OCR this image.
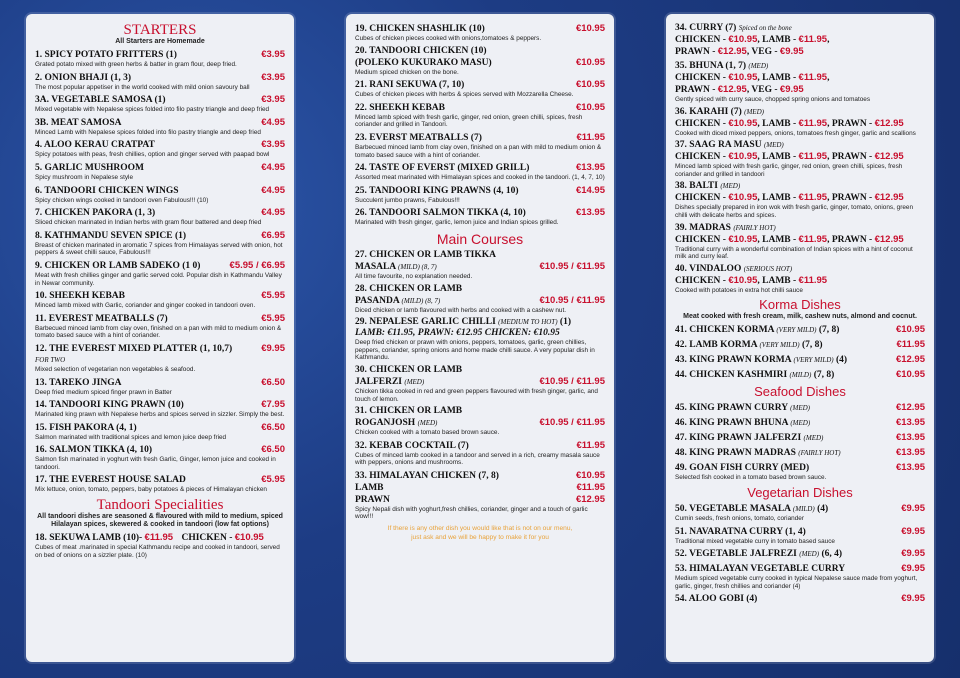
STARTERS
All Starters are Homemade
1. SPICY POTATO FRITTERS (1)	€3.95
Grated potato mixed with green herbs & batter in gram flour, deep fried.
2. ONION BHAJI (1, 3)	€3.95
The most popular appetiser in the world cooked with mild onion savoury ball
3A. VEGETABLE SAMOSA (1)	€3.95
Mixed vegetable with Nepalese spices folded into filo pastry triangle and deep fried
3B. MEAT SAMOSA	€4.95
Minced Lamb with Nepalese spices folded into filo pastry triangle and deep fried
4. ALOO KERAU CRATPAT	€3.95
Spicy potatoes with peas, fresh chillies, option and ginger served with paapad bowl
5. GARLIC MUSHROOM	€4.95
Spicy mushroom in Nepalese style
6. TANDOORI CHICKEN WINGS	€4.95
Spicy chicken wings cooked in tandoori oven Fabulous!!! (10)
7. CHICKEN PAKORA (1, 3)	€4.95
Sliced chicken marinated in Indian herbs with gram flour battered and deep fried
8. KATHMANDU SEVEN SPICE (1)	€6.95
Breast of chicken marinated in aromatic 7 spices from Himalayas served with onion, hot peppers & sweet chilli sauce, Fabulous!!!
9. CHICKEN OR LAMB SADEKO (1 0)	€5.95 / €6.95
Meat with fresh chillies ginger and garlic served cold. Popular dish in Kathmandu Valley in Newar community.
10. SHEEKH KEBAB	€5.95
Minced lamb mixed with Garlic, coriander and ginger cooked in tandoori oven.
11. EVEREST MEATBALLS (7)	€5.95
Barbecued minced lamb from clay oven, finished on a pan with mild to medium onion & tomato based sauce with a hint of coriander.
12. THE EVEREST MIXED PLATTER (1, 10,7)	€9.95
FOR TWO
Mixed selection of vegetarian non vegetables & seafood.
13. TAREKO JINGA	€6.50
Deep fried medium spiced finger prawn in Batter
14. TANDOORI KING PRAWN (10)	€7.95
Marinated king prawn with Nepalese herbs and spices served in sizzler. Simply the best.
15. FISH PAKORA (4, 1)	€6.50
Salmon marinated with traditional spices and lemon juice deep fried
16. SALMON TIKKA (4, 10)	€6.50
Salmon fish marinated in yoghurt with fresh Garlic, Ginger, lemon juice and cooked in tandoori.
17. THE EVEREST HOUSE SALAD	€5.95
Mix lettuce, onion, tomato, peppers, baby potatoes & pieces of Himalayan chicken
Tandoori Specialities
All tandoori dishes are seasoned & flavoured with mild to medium, spiced Hilalayan spices, skewered & cooked in tandoori (low fat options)
18. SEKUWA LAMB (10)- €11.95 CHICKEN - €10.95
Cubes of meat .marinated in special Kathmandu recipe and cooked in tandoori, served on bed of onions on a sizzler plate. (10)
19. CHICKEN SHASHLIK (10)	€10.95
Cubes of chicken pieces cooked with onions,tomatoes & peppers.
20. TANDOORI CHICKEN (10)
(POLEKO KUKURAKO MASU)	€10.95
Medium spiced chicken on the bone.
21. RANI SEKUWA (7, 10)	€10.95
Cubes of chicken pieces with herbs & spices served with Mozzarella Cheese.
22. SHEEKH KEBAB	€10.95
Minced lamb spiced with fresh garlic, ginger, red onion, green chilli, spices, fresh coriander and grilled in Tandoori.
23. EVERST MEATBALLS (7)	€11.95
Barbecued minced lamb from clay oven, finished on a pan with mild to medium onion & tomato based sauce with a hint of coriander.
24. TASTE OF EVERST (MIXED GRILL)	€13.95
Assorted meat marinated with Himalayan spices and cooked in the tandoori. (1, 4, 7, 10)
25. TANDOORI KING PRAWNS (4, 10)	€14.95
Succulent jumbo prawns, Fabulous!!!
26. TANDOORI SALMON TIKKA (4, 10)	€13.95
Marinated with fresh ginger, garlic, lemon juice and Indian spices grilled.
Main Courses
27. CHICKEN OR LAMB TIKKA
MASALA (MILD) (8, 7)	€10.95 / €11.95
All time favourite, no explanation needed.
28. CHICKEN OR LAMB
PASANDA (MILD) (8, 7)	€10.95 / €11.95
Diced chicken or lamb flavoured with herbs and cooked with a cashew nut.
29. NEPALESE GARLIC CHILLI (MEDIUM TO HOT) (1)
LAMB: €11.95, PRAWN: €12.95 CHICKEN: €10.95
Deep fried chicken or prawn with onions, peppers, tomatoes, garlic, green chillies, peppers, coriander, spring onions and home made chilli sauce. A very popular dish in Kathmandu.
30. CHICKEN OR LAMB
JALFERZI (MED)	€10.95 / €11.95
Chicken tikka cooked in red and green peppers flavoured with fresh ginger, garlic, and touch of lemon.
31. CHICKEN OR LAMB
ROGANJOSH (MED)	€10.95 / €11.95
Chicken cooked with a tomato based brown sauce.
32. KEBAB COCKTAIL (7)	€11.95
Cubes of minced lamb cooked in a tandoor and served in a rich, creamy masala sauce with peppers, onions and mushrooms.
33. HIMALAYAN CHICKEN (7, 8)	€10.95
LAMB	€11.95
PRAWN	€12.95
Spicy Nepali dish with yoghurt,fresh chillies, coriander, ginger and a touch of garlic wow!!!
If there is any other dish you would like that is not on our menu,
just ask and we will be happy to make it for you
34. CURRY (7) Spiced on the bone
CHICKEN - €10.95, LAMB - €11.95,
PRAWN - €12.95, VEG - €9.95
35. BHUNA (1, 7) (MED)
CHICKEN - €10.95, LAMB - €11.95,
PRAWN - €12.95, VEG - €9.95
Gently spiced with curry sauce, chopped spring onions and tomatoes
36. KARAHI (7) (MED)
CHICKEN - €10.95, LAMB - €11.95, PRAWN - €12.95
Cooked with diced mixed peppers, onions, tomatoes fresh ginger, garlic and scallions
37. SAAG RA MASU (MED)
CHICKEN - €10.95, LAMB - €11.95, PRAWN - €12.95
Minced lamb spiced with fresh garlic, ginger, red onion, green chilli, spices, fresh coriander and grilled in tandoori
38. BALTI (MED)
CHICKEN - €10.95, LAMB - €11.95, PRAWN - €12.95
Dishes specially prepared in iron wok with fresh garlic, ginger, tomato, onions, green chilli with delicate herbs and spices.
39. MADRAS (FAIRLY HOT)
CHICKEN - €10.95, LAMB - €11.95, PRAWN - €12.95
Traditional curry with a wonderful combination of Indian spices with a hint of coconut milk and curry leaf.
40. VINDALOO (SERIOUS HOT)
CHICKEN - €10.95, LAMB - €11.95
Cooked with potatoes in extra hot chilli sauce
Korma Dishes
Meat cooked with fresh cream, milk, cashew nuts, almond and cocnut.
41. CHICKEN KORMA (VERY MILD) (7, 8)	€10.95
42. LAMB KORMA (VERY MILD) (7, 8)	€11.95
43. KING PRAWN KORMA (VERY MILD) (4)	€12.95
44. CHICKEN KASHMIRI (MILD) (7, 8)	€10.95
Seafood Dishes
45. KING PRAWN CURRY (MED)	€12.95
46. KING PRAWN BHUNA (MED)	€13.95
47. KING PRAWN JALFERZI (MED)	€13.95
48. KING PRAWN MADRAS (FAIRLY HOT)	€13.95
49. GOAN FISH CURRY (MED)	€13.95
Selected fish cooked in a tomato based brown sauce.
Vegetarian Dishes
50. VEGETABLE MASALA (MILD) (4)	€9.95
Cumin seeds, fresh onions, tomato, coriander
51. NAVARATNA CURRY (1, 4)	€9.95
Traditional mixed vegetable curry in tomato based sauce
52. VEGETABLE JALFREZI (MED) (6, 4)	€9.95
53. HIMALAYAN VEGETABLE CURRY	€9.95
Medium spiced vegetable curry cooked in typical Nepalese sauce made from yoghurt, garlic, ginger, fresh chillies and coriander (4)
54. ALOO GOBI (4)	€9.95
